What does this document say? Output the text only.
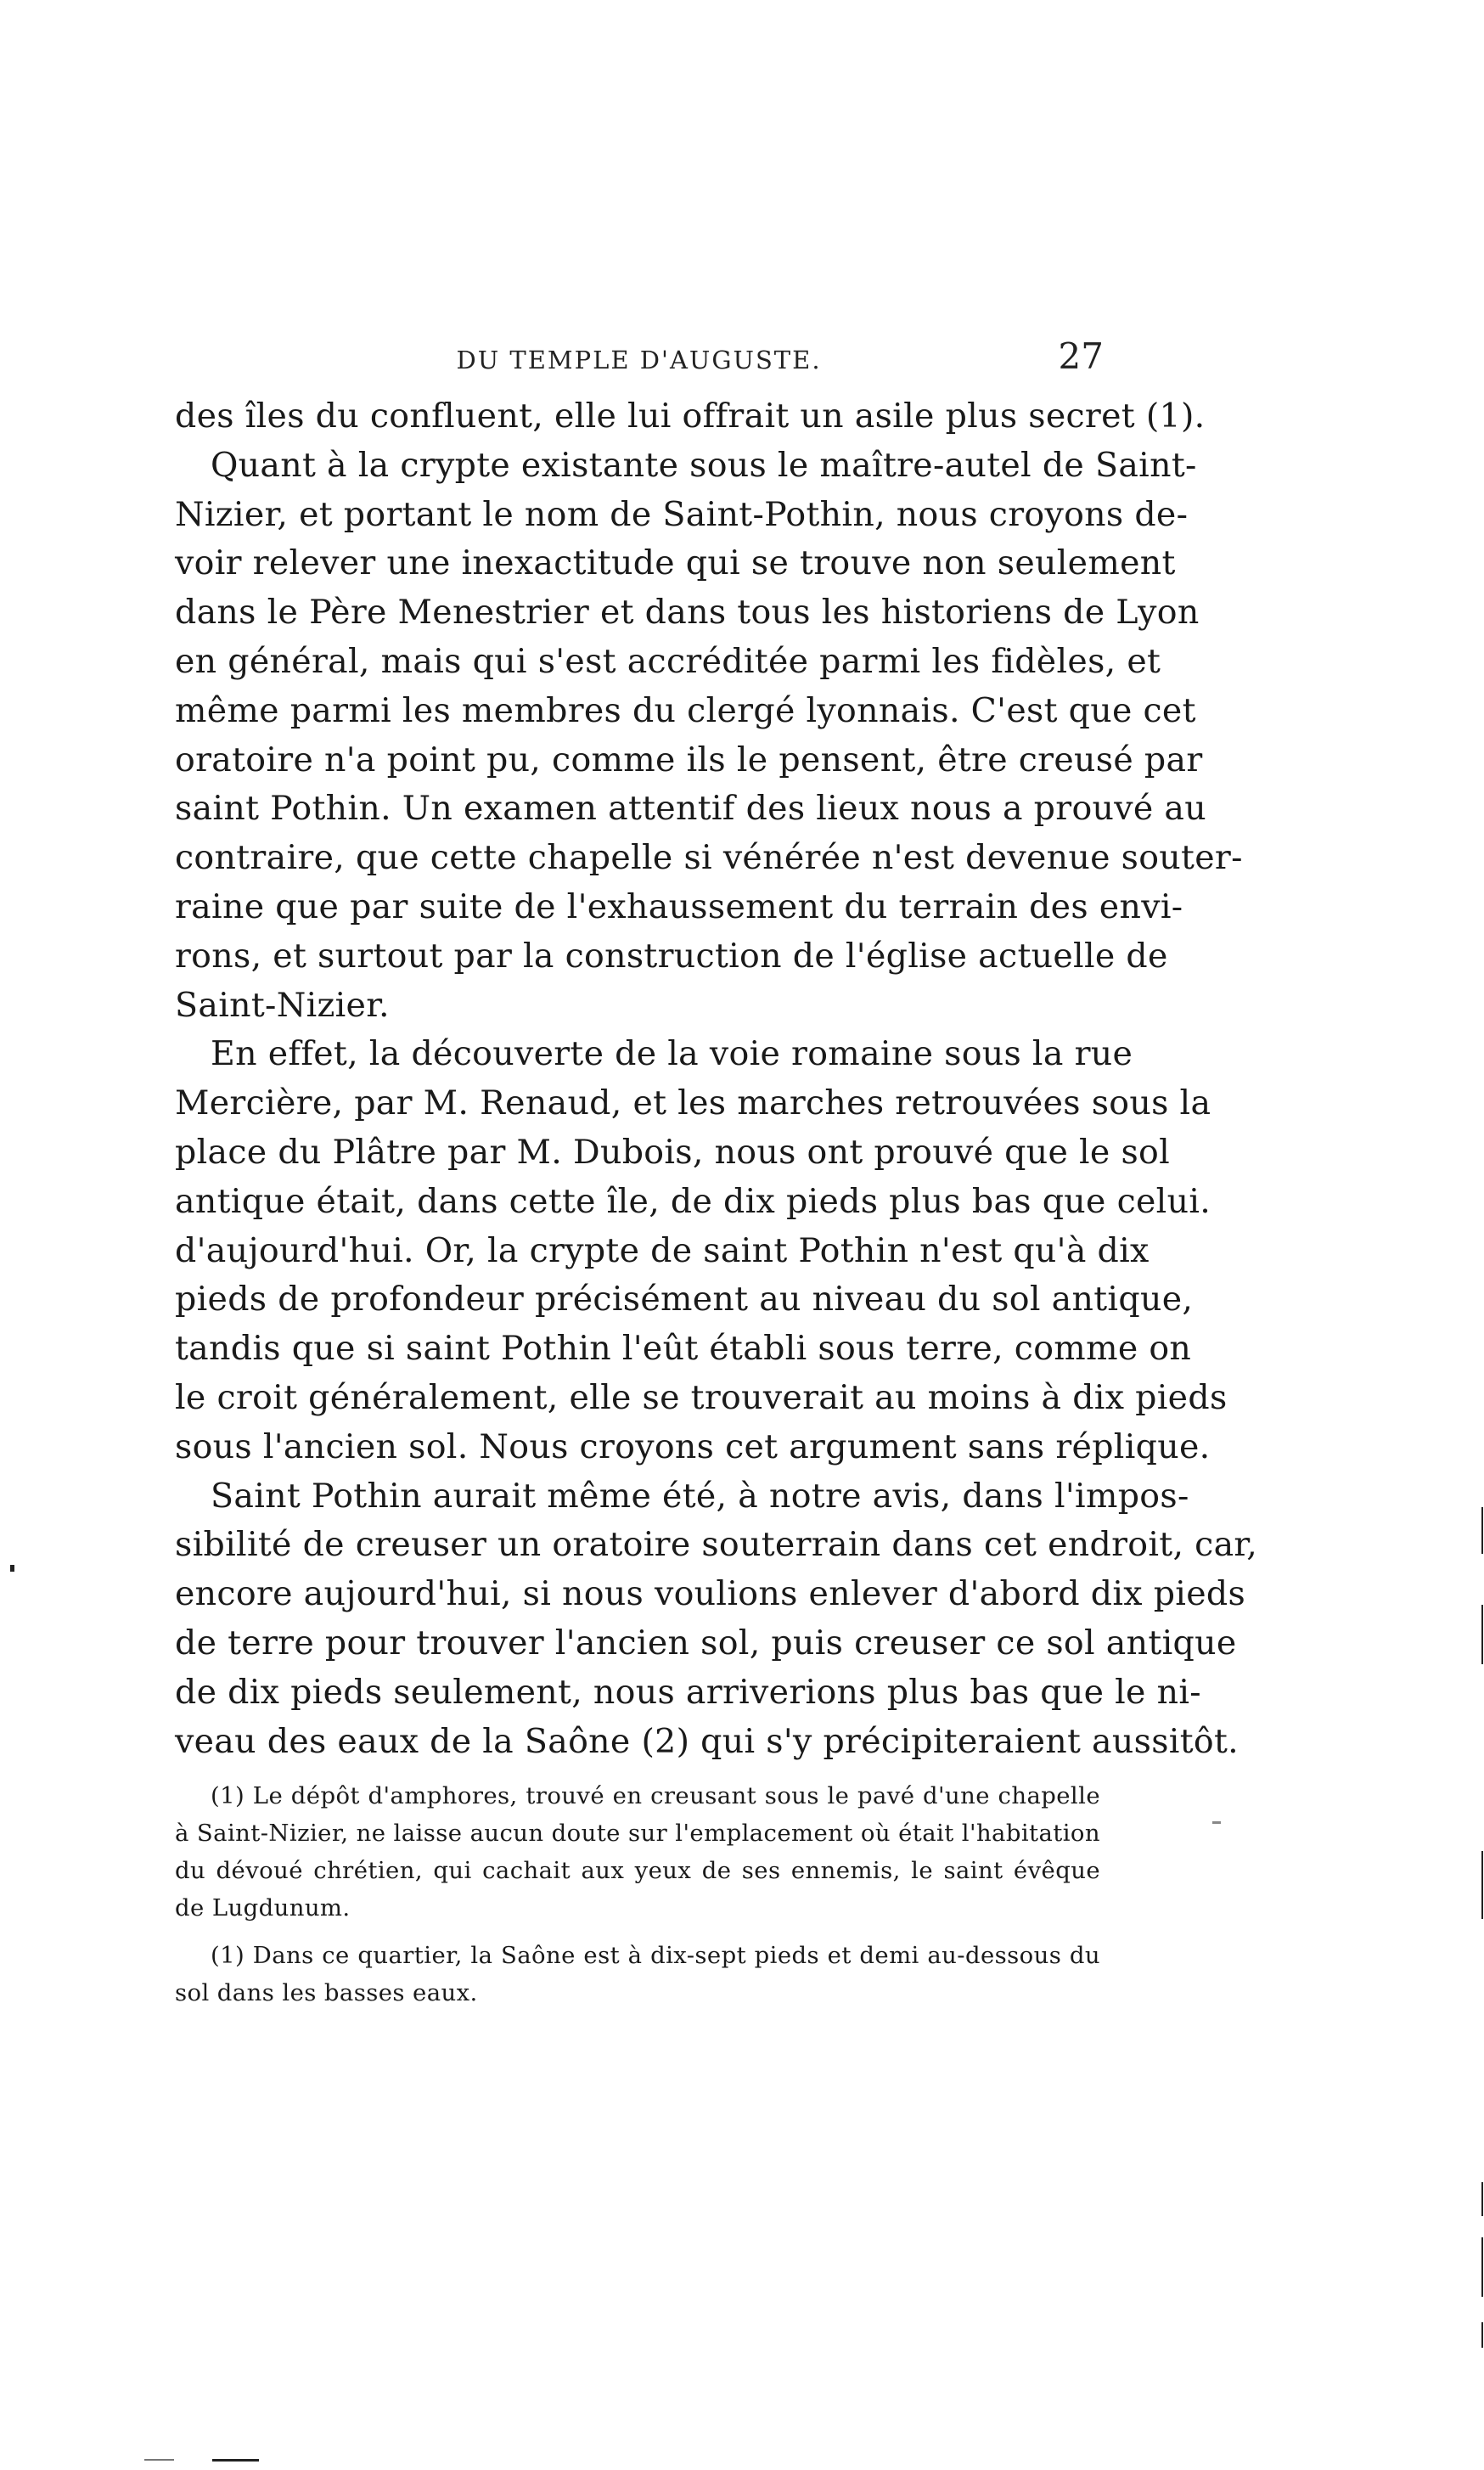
DU TEMPLE D'AUGUSTE.	27
des îles du confluent, elle lui offrait un asile plus secret (1).
Quant à la crypte existante sous le maître-autel de Saint-
Nizier, et portant le nom de Saint-Pothin, nous croyons de-
voir relever une inexactitude qui se trouve non seulement
dans le Père Menestrier et dans tous les historiens de Lyon
en général, mais qui s'est accréditée parmi les fidèles, et
même parmi les membres du clergé lyonnais. C'est que cet
oratoire n'a point pu, comme ils le pensent, être creusé par
saint Pothin. Un examen attentif des lieux nous a prouvé au
contraire, que cette chapelle si vénérée n'est devenue souter-
raine que par suite de l'exhaussement du terrain des envi-
rons, et surtout par la construction de l'église actuelle de
Saint-Nizier.
En effet, la découverte de la voie romaine sous la rue
Mercière, par M. Renaud, et les marches retrouvées sous la
place du Plâtre par M. Dubois, nous ont prouvé que le sol
antique était, dans cette île, de dix pieds plus bas que celui.
d'aujourd'hui. Or, la crypte de saint Pothin n'est qu'à dix
pieds de profondeur précisément au niveau du sol antique,
tandis que si saint Pothin l'eût établi sous terre, comme on
le croit généralement, elle se trouverait au moins à dix pieds
sous l'ancien sol. Nous croyons cet argument sans réplique.
Saint Pothin aurait même été, à notre avis, dans l'impos-
sibilité de creuser un oratoire souterrain dans cet endroit, car,
encore aujourd'hui, si nous voulions enlever d'abord dix pieds
de terre pour trouver l'ancien sol, puis creuser ce sol antique
de dix pieds seulement, nous arriverions plus bas que le ni-
veau des eaux de la Saône (2) qui s'y précipiteraient aussitôt.
(1) Le dépôt d'amphores, trouvé en creusant sous le pavé d'une chapelle
à Saint-Nizier, ne laisse aucun doute sur l'emplacement où était l'habitation
du dévoué chrétien, qui cachait aux yeux de ses ennemis, le saint évêque
de Lugdunum.
(1) Dans ce quartier, la Saône est à dix-sept pieds et demi au-dessous du
sol dans les basses eaux.
